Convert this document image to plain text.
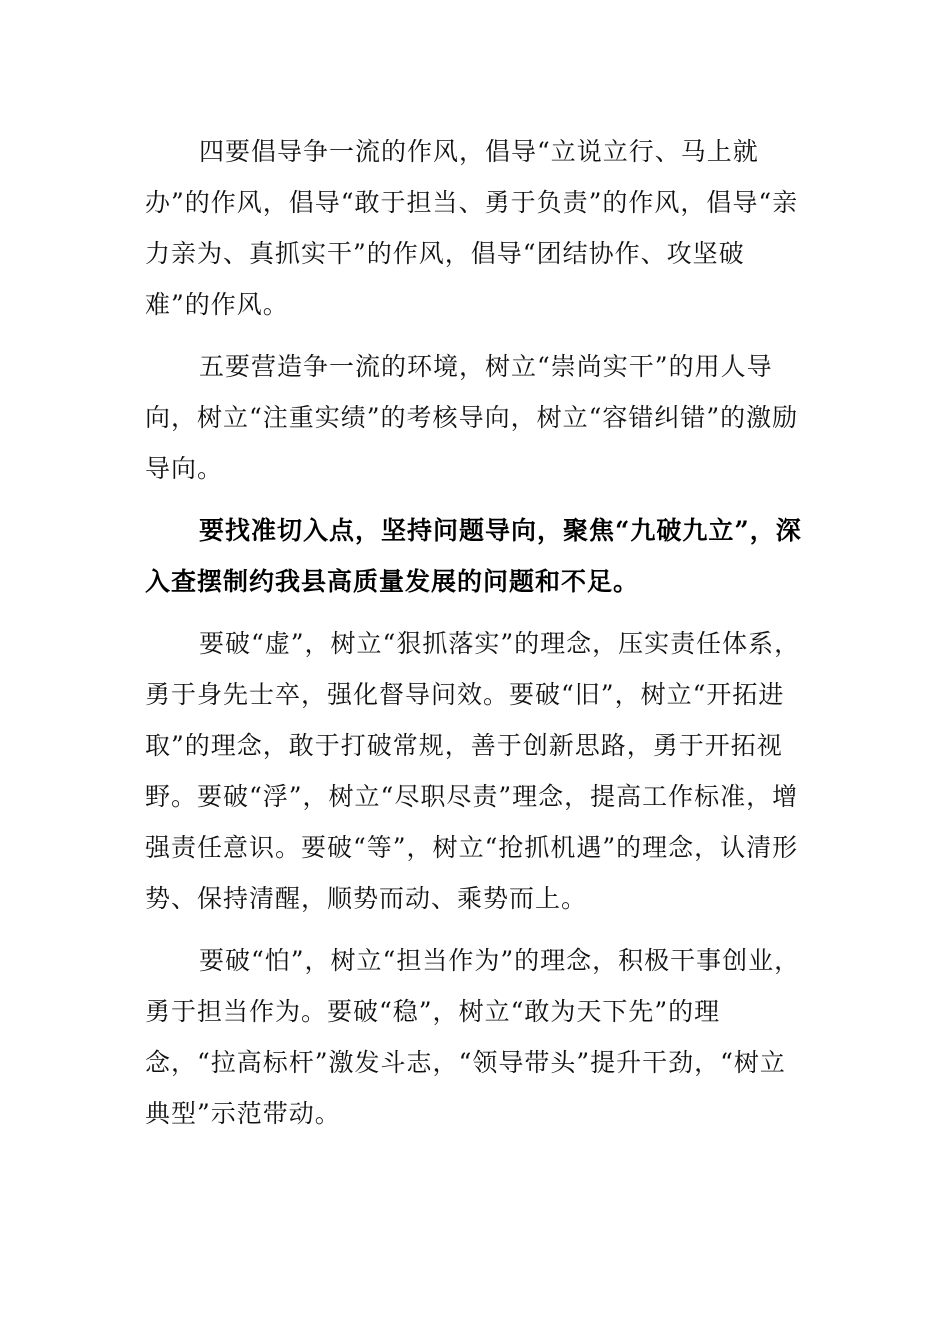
四要倡导争一流的作风，倡导“立说立行、马上就办”的作风，倡导“敢于担当、勇于负责”的作风，倡导“亲力亲为、真抓实干”的作风，倡导“团结协作、攻坚破难”的作风。

五要营造争一流的环境，树立“崇尚实干”的用人导向，树立“注重实绩”的考核导向，树立“容错纠错”的激励导向。

要找准切入点，坚持问题导向，聚焦“九破九立”，深入查摆制约我县高质量发展的问题和不足。

要破“虚”，树立“狠抓落实”的理念，压实责任体系，勇于身先士卒，强化督导问效。要破“旧”，树立“开拓进取”的理念，敢于打破常规，善于创新思路，勇于开拓视野。要破“浮”，树立“尽职尽责”理念，提高工作标准，增强责任意识。要破“等”，树立“抢抓机遇”的理念，认清形势、保持清醒，顺势而动、乘势而上。

要破“怕”，树立“担当作为”的理念，积极干事创业，勇于担当作为。要破“稳”，树立“敢为天下先”的理念，“拉高标杆”激发斗志，“领导带头”提升干劲，“树立典型”示范带动。
